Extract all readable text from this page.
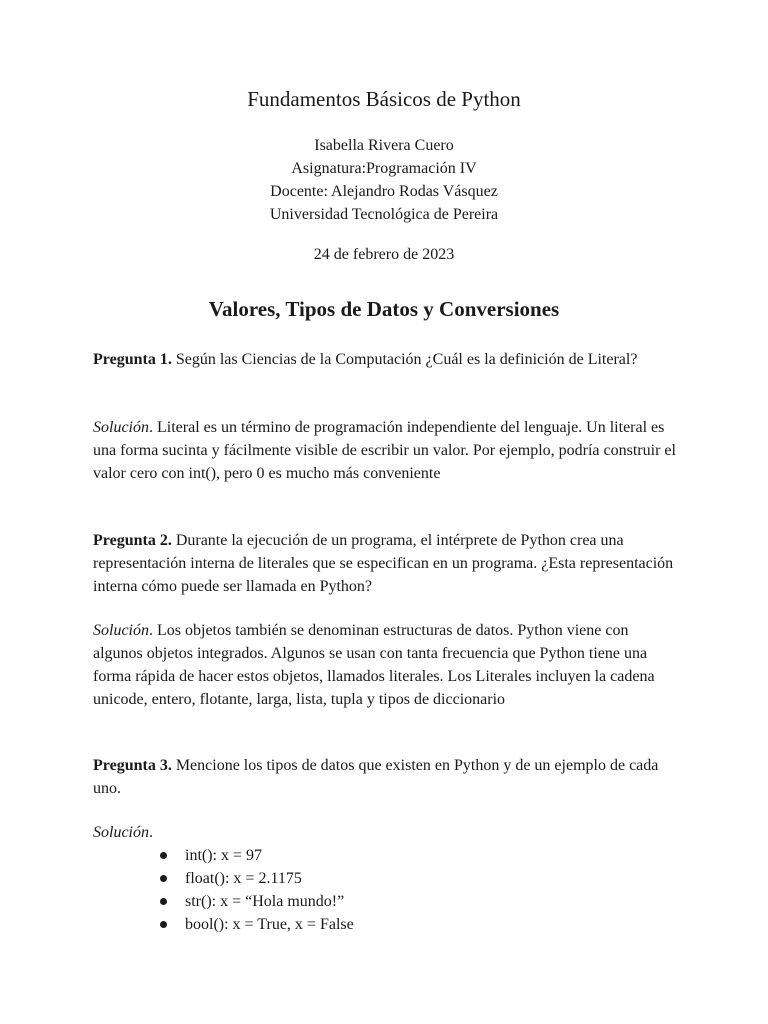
Fundamentos Básicos de Python
Isabella Rivera Cuero
Asignatura:Programación IV
Docente: Alejandro Rodas Vásquez
Universidad Tecnológica de Pereira
24 de febrero de 2023
Valores, Tipos de Datos y Conversiones

Pregunta 1. Según las Ciencias de la Computación ¿Cuál es la definición de Literal?

Solución. Literal es un término de programación independiente del lenguaje. Un literal es una forma sucinta y fácilmente visible de escribir un valor. Por ejemplo, podría construir el valor cero con int(), pero 0 es mucho más conveniente

Pregunta 2. Durante la ejecución de un programa, el intérprete de Python crea una representación interna de literales que se especifican en un programa. ¿Esta representación interna cómo puede ser llamada en Python?

Solución. Los objetos también se denominan estructuras de datos. Python viene con algunos objetos integrados. Algunos se usan con tanta frecuencia que Python tiene una forma rápida de hacer estos objetos, llamados literales. Los Literales incluyen la cadena unicode, entero, flotante, larga, lista, tupla y tipos de diccionario

Pregunta 3. Mencione los tipos de datos que existen en Python y de un ejemplo de cada uno.

Solución.

int(): x = 97
float(): x = 2.1175
str(): x = “Hola mundo!”
bool(): x = True, x = False
